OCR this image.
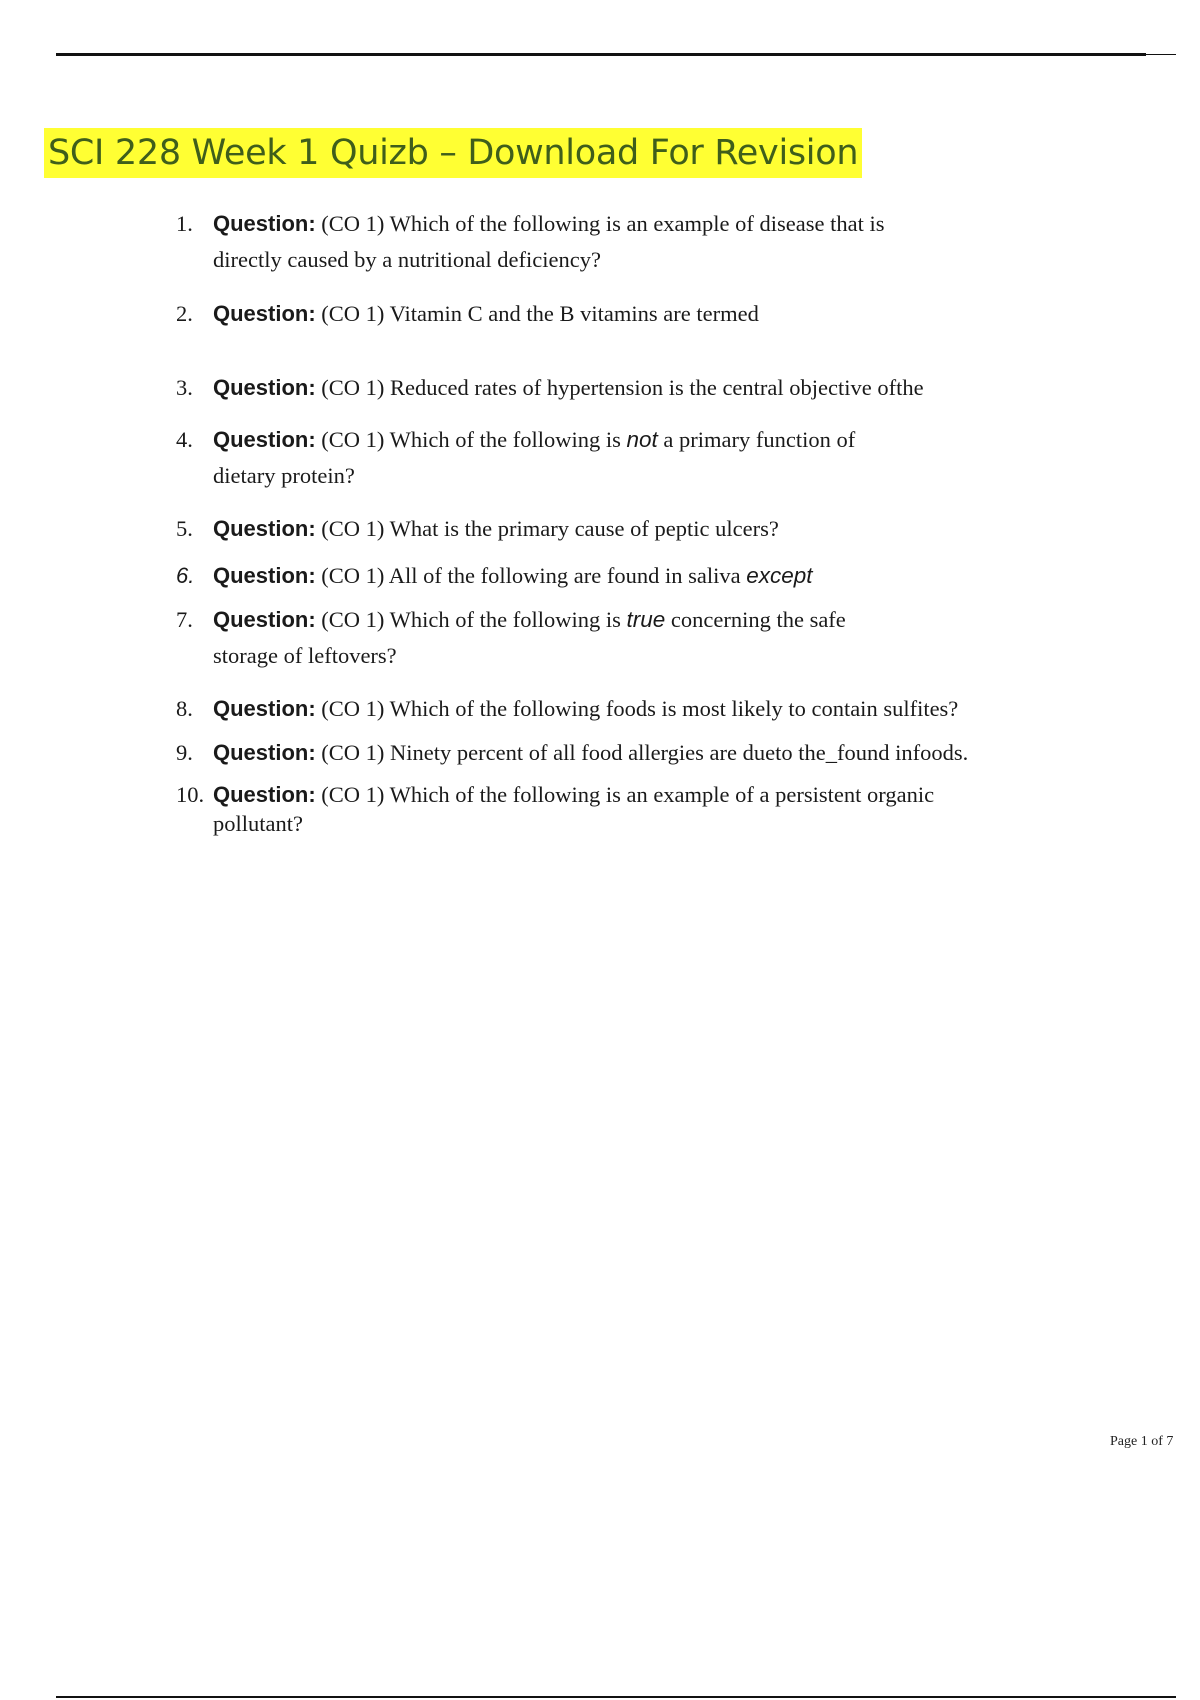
SCI 228 Week 1 Quizb – Download For Revision
1. Question: (CO 1) Which of the following is an example of disease that is
directly caused by a nutritional deficiency?
2. Question: (CO 1) Vitamin C and the B vitamins are termed
3. Question: (CO 1) Reduced rates of hypertension is the central objective ofthe
4. Question: (CO 1) Which of the following is not a primary function of
dietary protein?
5. Question: (CO 1) What is the primary cause of peptic ulcers?
6. Question: (CO 1) All of the following are found in saliva except
7. Question: (CO 1) Which of the following is true concerning the safe
storage of leftovers?
8. Question: (CO 1) Which of the following foods is most likely to contain sulfites?
9. Question: (CO 1) Ninety percent of all food allergies are dueto the_found infoods.
10. Question: (CO 1) Which of the following is an example of a persistent organic
pollutant?
Page 1 of 7
